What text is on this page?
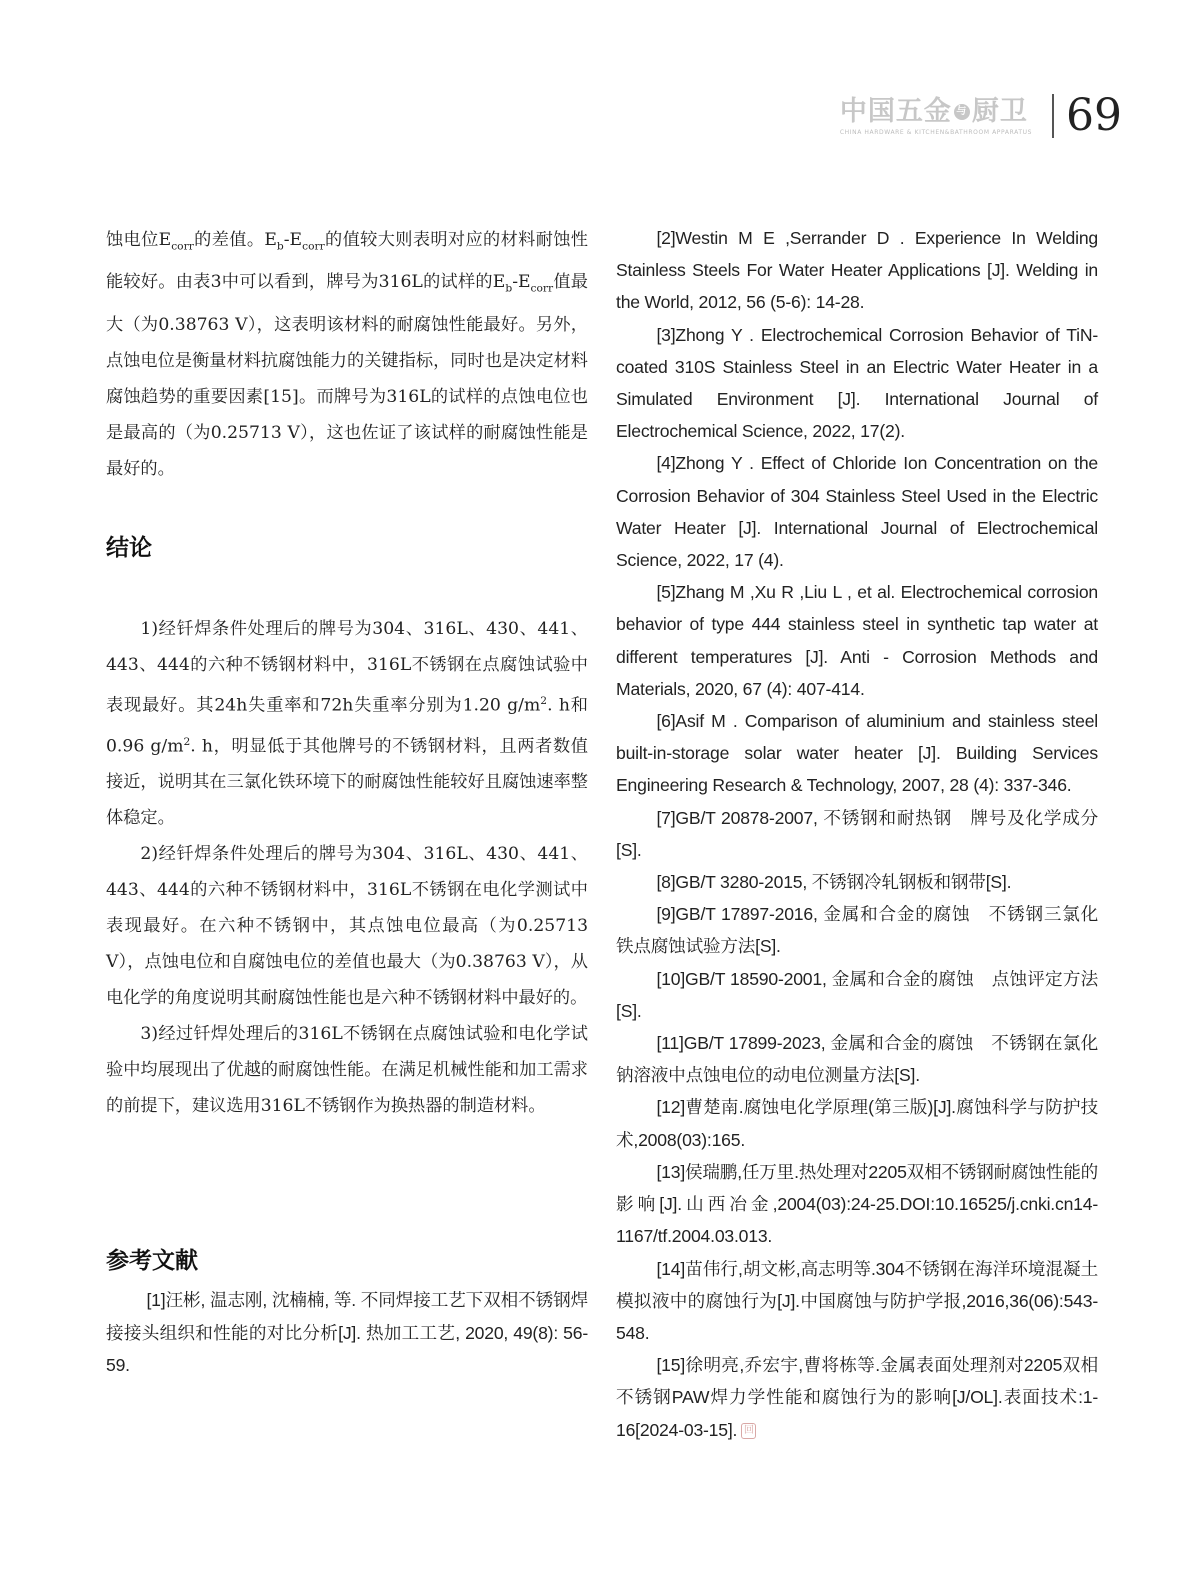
中国五金 与 厨卫
CHINA HARDWARE & KITCHEN&BATHROOM APPARATUS 69

蚀电位$E_{corr}$的差值。$E_b-E_{corr}$的值较大则表明对应的材料耐蚀性能较好。由表3中可以看到，牌号为316L的试样的$E_b-E_{corr}$值最大（为0.38763 V），这表明该材料的耐腐蚀性能最好。另外，点蚀电位是衡量材料抗腐蚀能力的关键指标，同时也是决定材料腐蚀趋势的重要因素[15]。而牌号为316L的试样的点蚀电位也是最高的（为0.25713 V），这也佐证了该试样的耐腐蚀性能是最好的。

结论

1)经钎焊条件处理后的牌号为304、316L、430、441、443、444的六种不锈钢材料中，316L不锈钢在点腐蚀试验中表现最好。其24h失重率和72h失重率分别为1.20 $g/m^2$. h和0.96 $g/m^2$. h，明显低于其他牌号的不锈钢材料，且两者数值接近，说明其在三氯化铁环境下的耐腐蚀性能较好且腐蚀速率整体稳定。

2)经钎焊条件处理后的牌号为304、316L、430、441、443、444的六种不锈钢材料中，316L不锈钢在电化学测试中表现最好。在六种不锈钢中，其点蚀电位最高（为0.25713 V），点蚀电位和自腐蚀电位的差值也最大（为0.38763 V），从电化学的角度说明其耐腐蚀性能也是六种不锈钢材料中最好的。

3)经过钎焊处理后的316L不锈钢在点腐蚀试验和电化学试验中均展现出了优越的耐腐蚀性能。在满足机械性能和加工需求的前提下，建议选用316L不锈钢作为换热器的制造材料。

参考文献

[1]汪彬, 温志刚, 沈楠楠, 等. 不同焊接工艺下双相不锈钢焊接接头组织和性能的对比分析[J]. 热加工工艺, 2020, 49(8): 56-59.

[2]Westin M E ,Serrander D . Experience In Welding Stainless Steels For Water Heater Applications [J]. Welding in the World, 2012, 56 (5-6): 14-28.

[3]Zhong Y . Electrochemical Corrosion Behavior of TiN-coated 310S Stainless Steel in an Electric Water Heater in a Simulated Environment [J]. International Journal of Electrochemical Science, 2022, 17(2).

[4]Zhong Y . Effect of Chloride Ion Concentration on the Corrosion Behavior of 304 Stainless Steel Used in the Electric Water Heater [J]. International Journal of Electrochemical Science, 2022, 17 (4).

[5]Zhang M ,Xu R ,Liu L , et al. Electrochemical corrosion behavior of type 444 stainless steel in synthetic tap water at different temperatures [J]. Anti - Corrosion Methods and Materials, 2020, 67 (4): 407-414.

[6]Asif M . Comparison of aluminium and stainless steel built-in-storage solar water heater [J]. Building Services Engineering Research & Technology, 2007, 28 (4): 337-346.

[7]GB/T 20878-2007, 不锈钢和耐热钢　牌号及化学成分[S].

[8]GB/T 3280-2015, 不锈钢冷轧钢板和钢带[S].

[9]GB/T 17897-2016, 金属和合金的腐蚀　不锈钢三氯化铁点腐蚀试验方法[S].

[10]GB/T 18590-2001, 金属和合金的腐蚀　点蚀评定方法[S].

[11]GB/T 17899-2023, 金属和合金的腐蚀　不锈钢在氯化钠溶液中点蚀电位的动电位测量方法[S].

[12]曹楚南.腐蚀电化学原理(第三版)[J].腐蚀科学与防护技术,2008(03):165.

[13]侯瑞鹏,任万里.热处理对2205双相不锈钢耐腐蚀性能的影响[J].山西冶金,2004(03):24-25.DOI:10.16525/j.cnki.cn14-1167/tf.2004.03.013.

[14]苗伟行,胡文彬,高志明等.304不锈钢在海洋环境混凝土模拟液中的腐蚀行为[J].中国腐蚀与防护学报,2016,36(06):543-548.

[15]徐明亮,乔宏宇,曹将栋等.金属表面处理剂对2205双相不锈钢PAW焊力学性能和腐蚀行为的影响[J/OL].表面技术:1-16[2024-03-15]. 回
